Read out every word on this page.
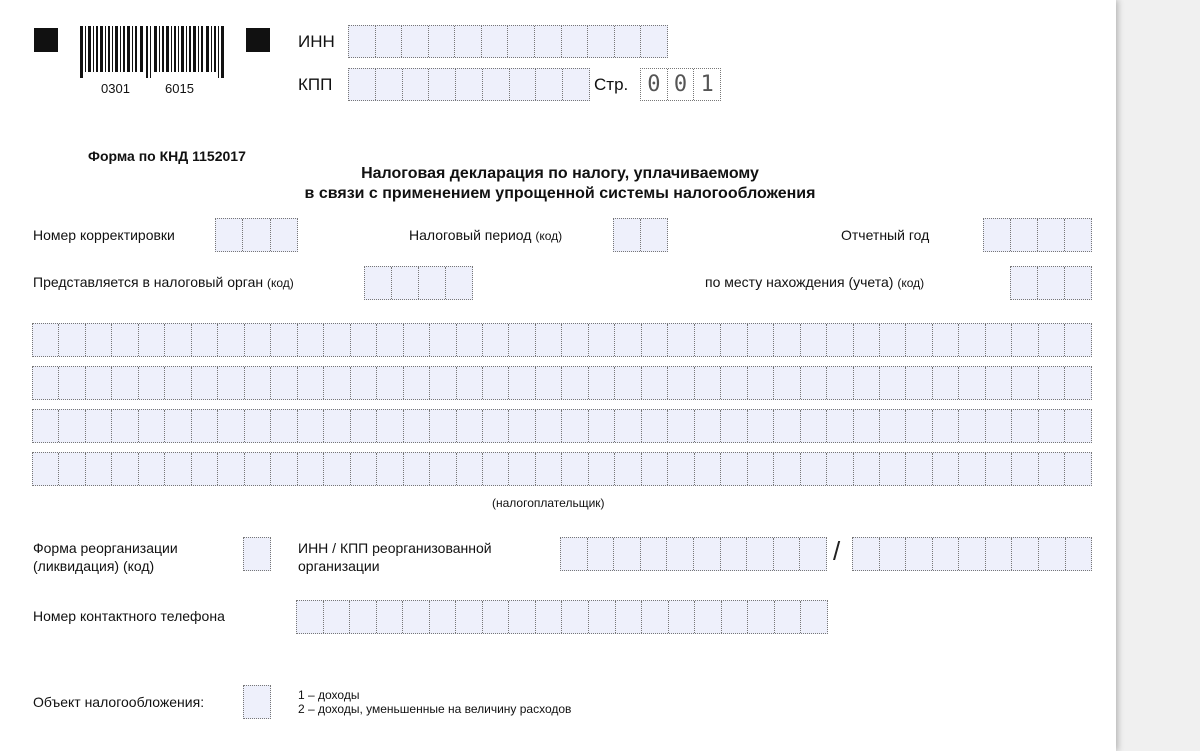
0301	6015
ИНН
КПП	Стр. 0 0 1
Форма по КНД 1152017
Налоговая декларация по налогу, уплачиваемому
в связи с применением упрощенной системы налогообложения
Номер корректировки	Налоговый период (код)	Отчетный год
Представляется в налоговый орган (код)	по месту нахождения (учета) (код)
(налогоплательщик)
Форма реорганизации
(ликвидация) (код)
ИНН / КПП реорганизованной
организации	/
Номер контактного телефона
Объект налогообложения:	1 – доходы
2 – доходы, уменьшенные на величину расходов
